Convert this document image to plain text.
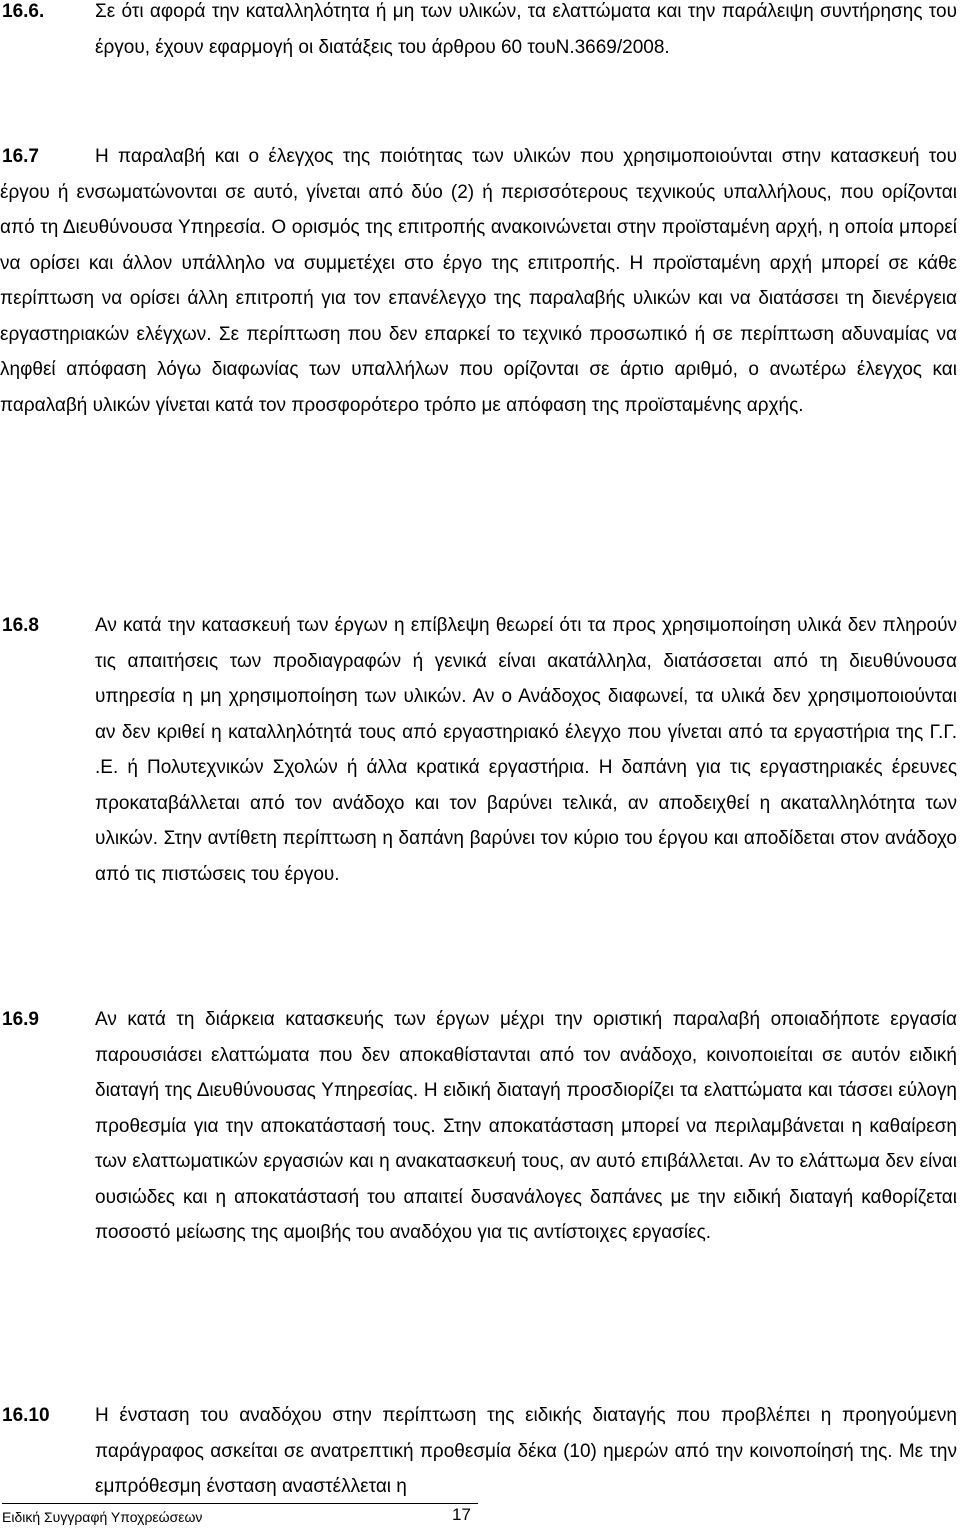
16.6.	Σε ότι αφορά την καταλληλότητα ή μη των υλικών, τα ελαττώματα και την παράλειψη συντήρησης του έργου, έχουν εφαρμογή οι διατάξεις του άρθρου 60 τουΝ.3669/2008.
16.7	Η παραλαβή και ο έλεγχος της ποιότητας των υλικών που χρησιμοποιούνται στην κατασκευή του έργου ή ενσωματώνονται σε αυτό, γίνεται από δύο (2) ή περισσότερους τεχνικούς υπαλλήλους, που ορίζονται από τη Διευθύνουσα Υπηρεσία. Ο ορισμός της επιτροπής ανακοινώνεται στην προϊσταμένη αρχή, η οποία μπορεί να ορίσει και άλλον υπάλληλο να συμμετέχει στο έργο της επιτροπής. Η προϊσταμένη αρχή μπορεί σε κάθε περίπτωση να ορίσει άλλη επιτροπή για τον επανέλεγχο της παραλαβής υλικών και να διατάσσει τη διενέργεια εργαστηριακών ελέγχων. Σε περίπτωση που δεν επαρκεί το τεχνικό προσωπικό ή σε περίπτωση αδυναμίας να ληφθεί απόφαση λόγω διαφωνίας των υπαλλήλων που ορίζονται σε άρτιο αριθμό, ο ανωτέρω έλεγχος και παραλαβή υλικών γίνεται κατά τον προσφορότερο τρόπο με απόφαση της προϊσταμένης αρχής.
16.8	Αν κατά την κατασκευή των έργων η επίβλεψη θεωρεί ότι τα προς χρησιμοποίηση υλικά δεν πληρούν τις απαιτήσεις των προδιαγραφών ή γενικά είναι ακατάλληλα, διατάσσεται από τη διευθύνουσα υπηρεσία η μη χρησιμοποίηση των υλικών. Αν ο Ανάδοχος διαφωνεί, τα υλικά δεν χρησιμοποιούνται αν δεν κριθεί η καταλληλότητά τους από εργαστηριακό έλεγχο που γίνεται από τα εργαστήρια της Γ.Γ. .Ε. ή Πολυτεχνικών Σχολών ή άλλα κρατικά εργαστήρια. Η δαπάνη για τις εργαστηριακές έρευνες προκαταβάλλεται από τον ανάδοχο και τον βαρύνει τελικά, αν αποδειχθεί η ακαταλληλότητα των υλικών. Στην αντίθετη περίπτωση η δαπάνη βαρύνει τον κύριο του έργου και αποδίδεται στον ανάδοχο από τις πιστώσεις του έργου.
16.9	Αν κατά τη διάρκεια κατασκευής των έργων μέχρι την οριστική παραλαβή οποιαδήποτε εργασία παρουσιάσει ελαττώματα που δεν αποκαθίστανται από τον ανάδοχο, κοινοποιείται σε αυτόν ειδική διαταγή της Διευθύνουσας Υπηρεσίας. Η ειδική διαταγή προσδιορίζει τα ελαττώματα και τάσσει εύλογη προθεσμία για την αποκατάστασή τους. Στην αποκατάσταση μπορεί να περιλαμβάνεται η καθαίρεση των ελαττωματικών εργασιών και η ανακατασκευή τους, αν αυτό επιβάλλεται. Αν το ελάττωμα δεν είναι ουσιώδες και η αποκατάστασή του απαιτεί δυσανάλογες δαπάνες με την ειδική διαταγή καθορίζεται ποσοστό μείωσης της αμοιβής του αναδόχου για τις αντίστοιχες εργασίες.
16.10 Η ένσταση του αναδόχου στην περίπτωση της ειδικής διαταγής που προβλέπει η προηγούμενη παράγραφος ασκείται σε ανατρεπτική προθεσμία δέκα (10) ημερών από την κοινοποίησή της. Με την εμπρόθεσμη ένσταση αναστέλλεται η
Ειδική Συγγραφή Υποχρεώσεων	17
